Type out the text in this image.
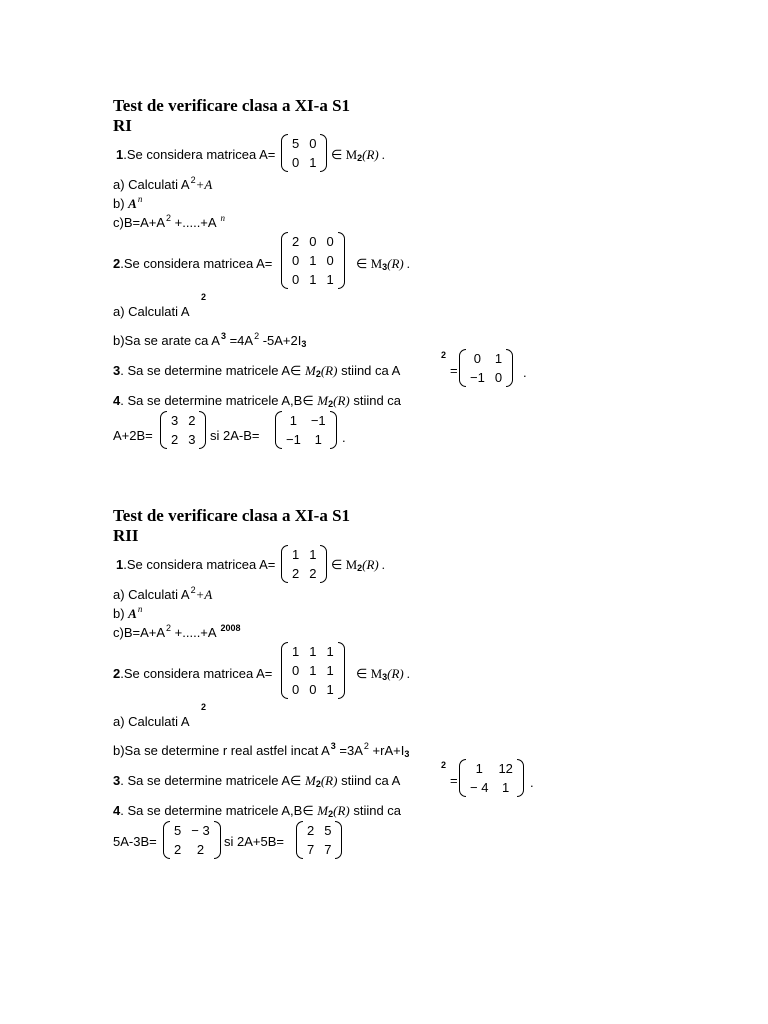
Test de verificare clasa a XI-a S1
RI
1.Se considera matricea A=
5	0
0	1
∈ M2(R) .
a) Calculati $A^2+A$
b) $A^n$
$c)B=A+A^2 +.....+A$ $^n$
2.Se considera matricea A=
2	0	0
0	1	0
0	1	1
∈ M3(R) .
a) Calculati A
2
b)Sa se arate ca $A^3 =4A^2$ -5A+2I3
3. Sa se determine matricele A∈ M2(R) stiind ca A
2
=
0	1
−1	0 .
4. Sa se determine matricele A,B∈ M2(R) stiind ca
A+2B=
3	2
2	3 si 2A-B=
1	−1
−1	1 .
Test de verificare clasa a XI-a S1
RII
1.Se considera matricea A=
1	1
2	2
∈ M2(R) .
a) Calculati $A^2+A$
b) $A^n$
$c)B=A+A^2 +.....+A$ $^{2008}$
2.Se considera matricea A=
1	1	1
0	1	1
0	0	1
∈ M3(R) .
a) Calculati A
2
b)Sa se determine r real astfel incat $A^3 =3A^2 +rA+I3$
3. Sa se determine matricele A∈ M2(R) stiind ca A
2
=
1	12
− 4	1 .
4. Sa se determine matricele A,B∈ M2(R) stiind ca
5A-3B=
5	− 3
2	2
si 2A+5B=
2	5
7	7
